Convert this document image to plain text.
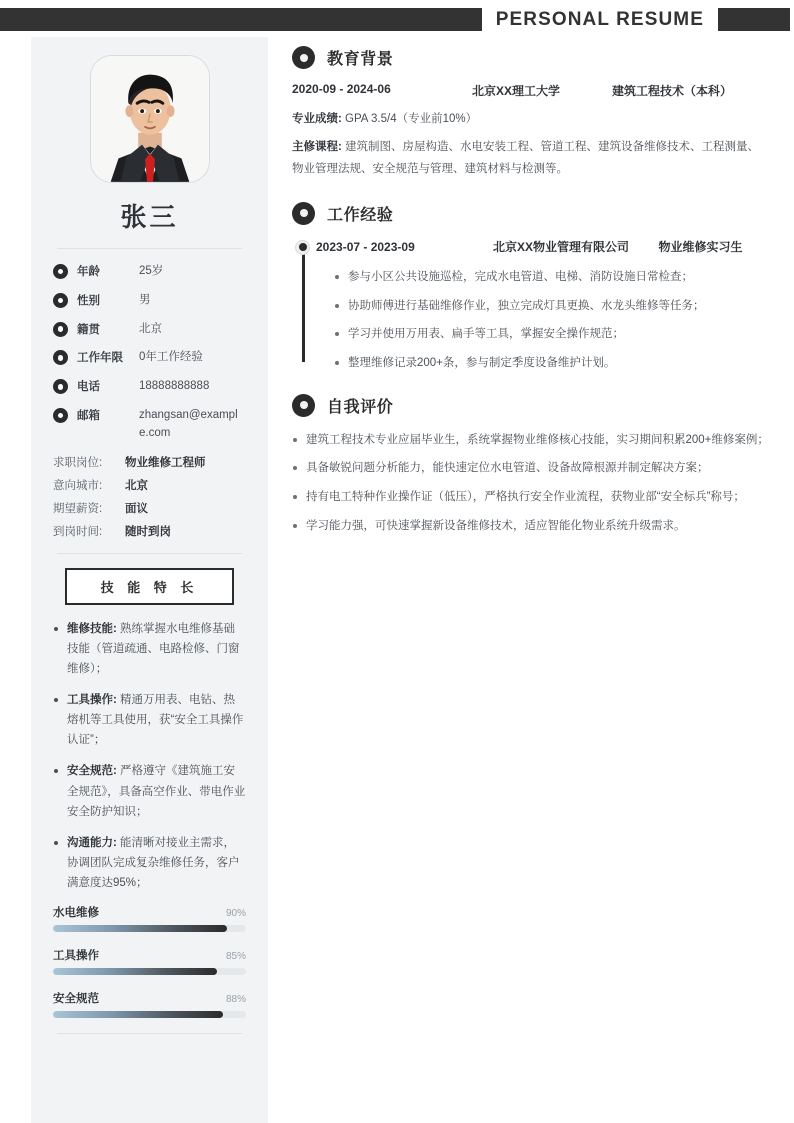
PERSONAL RESUME
张三
年龄	25岁
性别	男
籍贯	北京
工作年限	0年工作经验
电话	18888888888
邮箱	zhangsan@example.com
求职岗位:	物业维修工程师
意向城市:	北京
期望薪资:	面议
到岗时间:	随时到岗
技 能 特 长
维修技能: 熟练掌握水电维修基础技能（管道疏通、电路检修、门窗维修）；
工具操作: 精通万用表、电钻、热熔机等工具使用，获“安全工具操作认证”；
安全规范: 严格遵守《建筑施工安全规范》，具备高空作业、带电作业安全防护知识；
沟通能力: 能清晰对接业主需求，协调团队完成复杂维修任务，客户满意度达95%；
水电维修	90%
工具操作	85%
安全规范	88%
教育背景
2020-09 - 2024-06	北京XX理工大学	建筑工程技术（本科）
专业成绩: GPA 3.5/4（专业前10%）
主修课程: 建筑制图、房屋构造、水电安装工程、管道工程、建筑设备维修技术、工程测量、物业管理法规、安全规范与管理、建筑材料与检测等。
工作经验
2023-07 - 2023-09	北京XX物业管理有限公司	物业维修实习生
参与小区公共设施巡检，完成水电管道、电梯、消防设施日常检查；
协助师傅进行基础维修作业，独立完成灯具更换、水龙头维修等任务；
学习并使用万用表、扁手等工具，掌握安全操作规范；
整理维修记录200+条，参与制定季度设备维护计划。
自我评价
建筑工程技术专业应届毕业生，系统掌握物业维修核心技能，实习期间积累200+维修案例；
具备敏锐问题分析能力，能快速定位水电管道、设备故障根源并制定解决方案；
持有电工特种作业操作证（低压），严格执行安全作业流程，获物业部“安全标兵”称号；
学习能力强，可快速掌握新设备维修技术，适应智能化物业系统升级需求。
